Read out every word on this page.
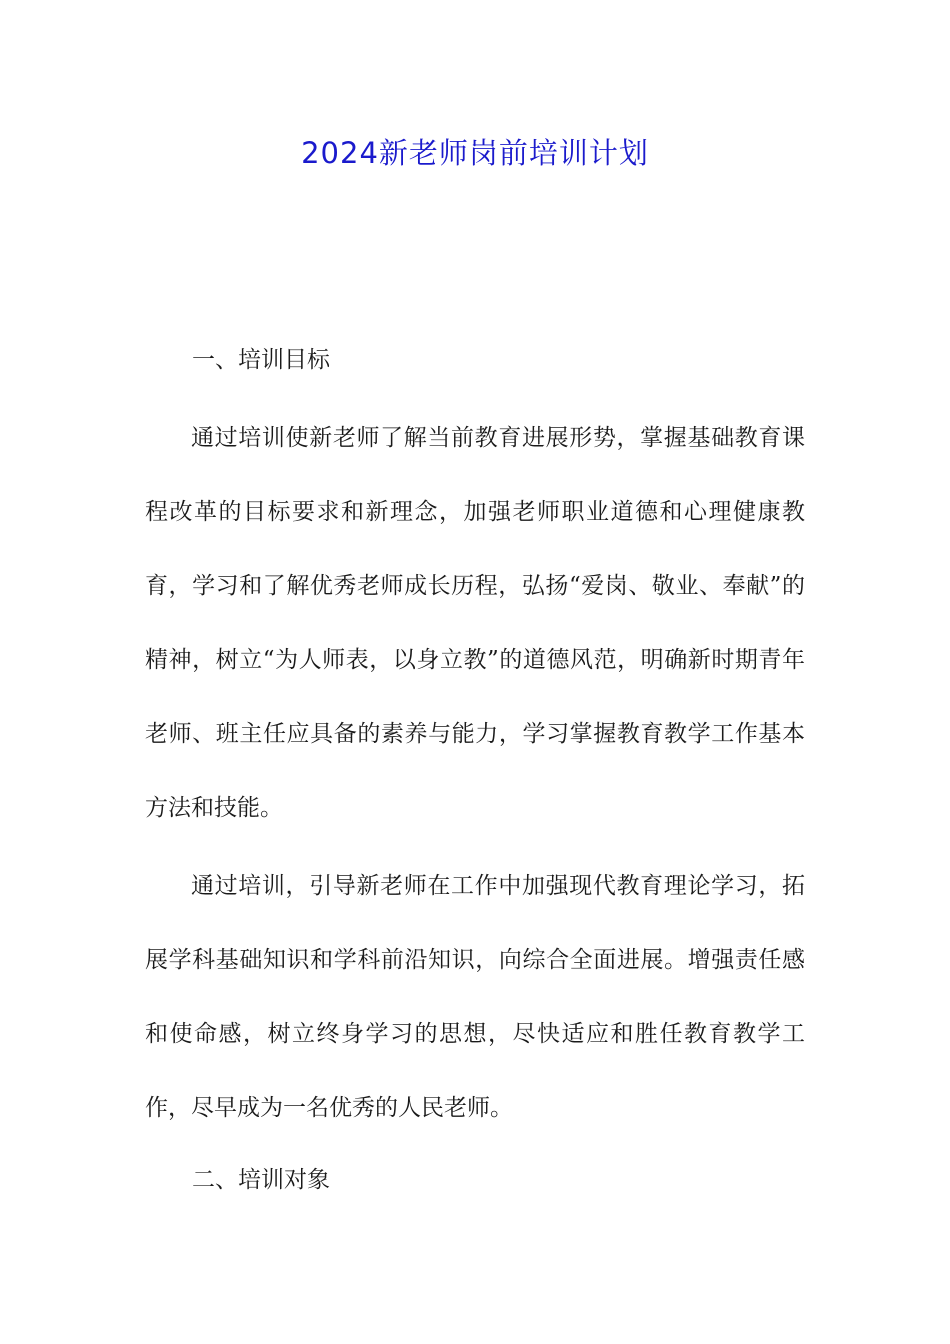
2024新老师岗前培训计划
一、培训目标

通过培训使新老师了解当前教育进展形势，掌握基础教育课程改革的目标要求和新理念，加强老师职业道德和心理健康教育，学习和了解优秀老师成长历程，弘扬“爱岗、敬业、奉献”的精神，树立“为人师表，以身立教”的道德风范，明确新时期青年老师、班主任应具备的素养与能力，学习掌握教育教学工作基本方法和技能。

通过培训，引导新老师在工作中加强现代教育理论学习，拓展学科基础知识和学科前沿知识，向综合全面进展。增强责任感和使命感，树立终身学习的思想，尽快适应和胜任教育教学工作，尽早成为一名优秀的人民老师。

二、培训对象
